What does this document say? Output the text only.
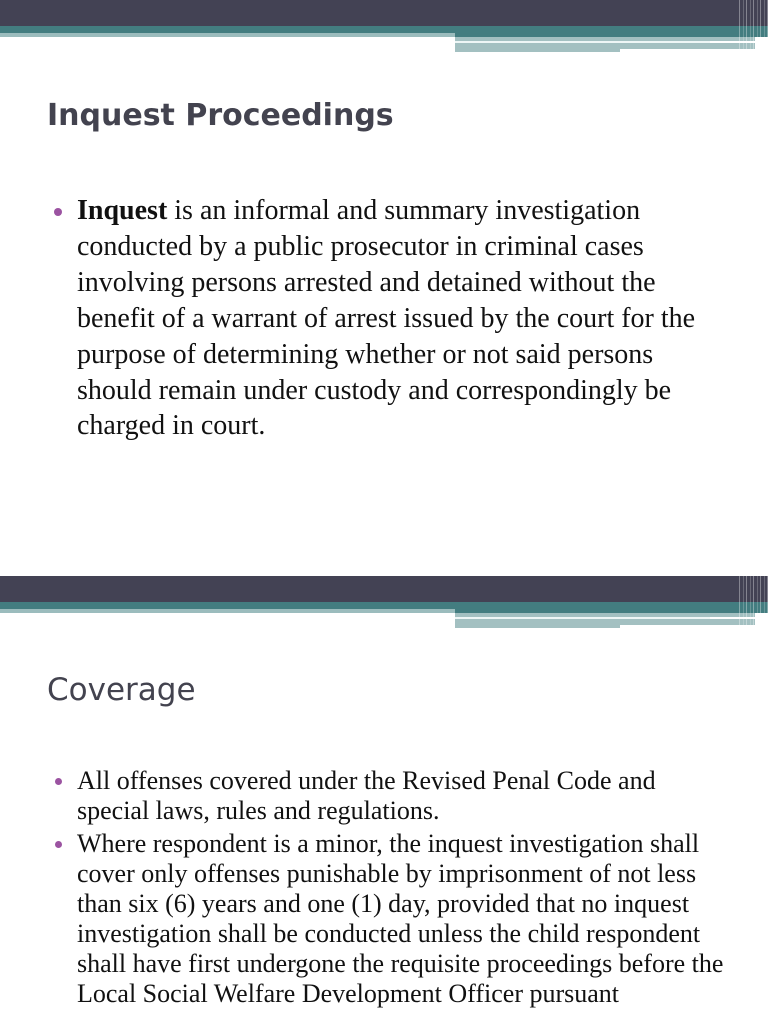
Inquest Proceedings
Inquest is an informal and summary investigation conducted by a public prosecutor in criminal cases involving persons arrested and detained without the benefit of a warrant of arrest issued by the court for the purpose of determining whether or not said persons should remain under custody and correspondingly be charged in court.
Coverage
All offenses covered under the Revised Penal Code and special laws, rules and regulations.
Where respondent is a minor, the inquest investigation shall cover only offenses punishable by imprisonment of not less than six (6) years and one (1) day, provided that no inquest investigation shall be conducted unless the child respondent shall have first undergone the requisite proceedings before the Local Social Welfare Development Officer pursuant
